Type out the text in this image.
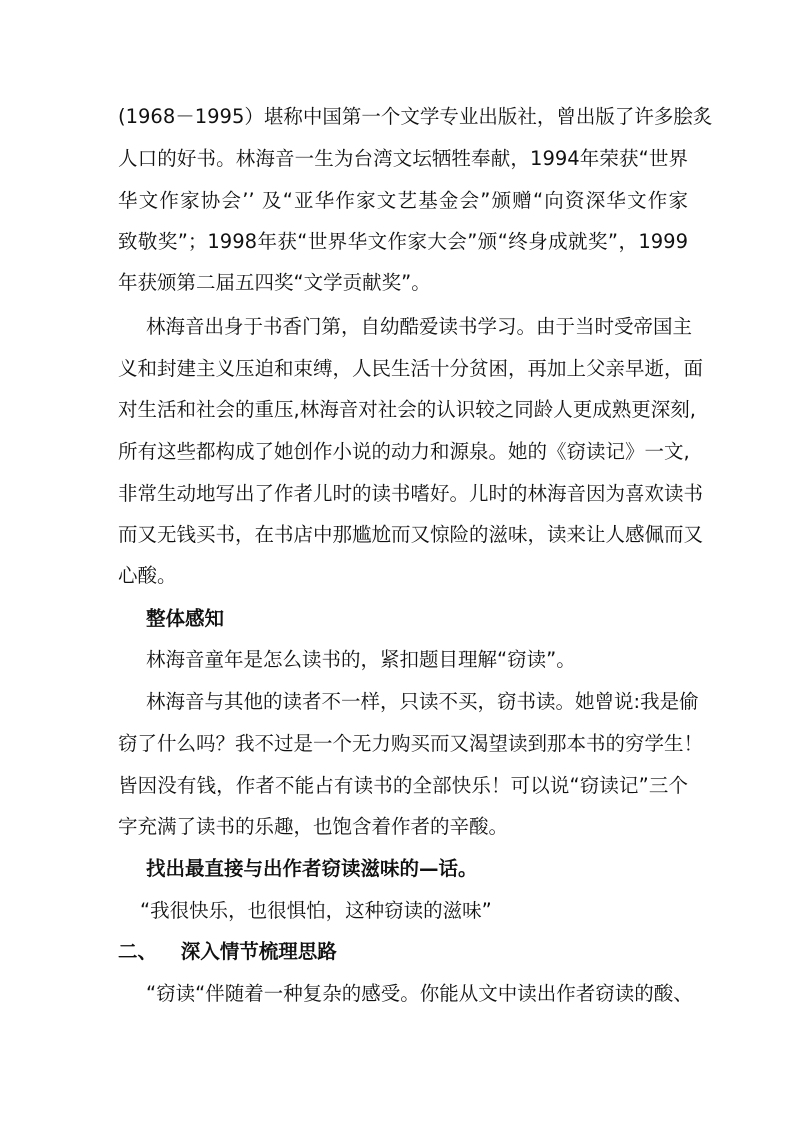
(1968－1995）堪称中国第一个文学专业出版社，曾出版了许多脍炙
人口的好书。林海音一生为台湾文坛牺牲奉献，1994年荣获“世界
华文作家协会’’ 及“亚华作家文艺基金会”颁赠“向资深华文作家
致敬奖”；1998年获“世界华文作家大会”颁“终身成就奖”，1999
年获颁第二届五四奖“文学贡献奖”。
林海音出身于书香门第，自幼酷爱读书学习。由于当时受帝国主
义和封建主义压迫和束缚，人民生活十分贫困，再加上父亲早逝，面
对生活和社会的重压,林海音对社会的认识较之同龄人更成熟更深刻,
所有这些都构成了她创作小说的动力和源泉。她的《窃读记》一文,
非常生动地写出了作者儿时的读书嗜好。儿时的林海音因为喜欢读书
而又无钱买书，在书店中那尴尬而又惊险的滋味，读来让人感佩而又
心酸。
整体感知
林海音童年是怎么读书的，紧扣题目理解“窃读”。
林海音与其他的读者不一样，只读不买，窃书读。她曾说:我是偷
窃了什么吗？我不过是一个无力购买而又渴望读到那本书的穷学生！
皆因没有钱，作者不能占有读书的全部快乐！可以说“窃读记”三个
字充满了读书的乐趣，也饱含着作者的辛酸。
找出最直接与出作者窃读滋味的—话。
“我很快乐，也很惧怕，这种窃读的滋味”
二、 深入情节梳理思路
“窃读“伴随着一种复杂的感受。你能从文中读出作者窃读的酸、
